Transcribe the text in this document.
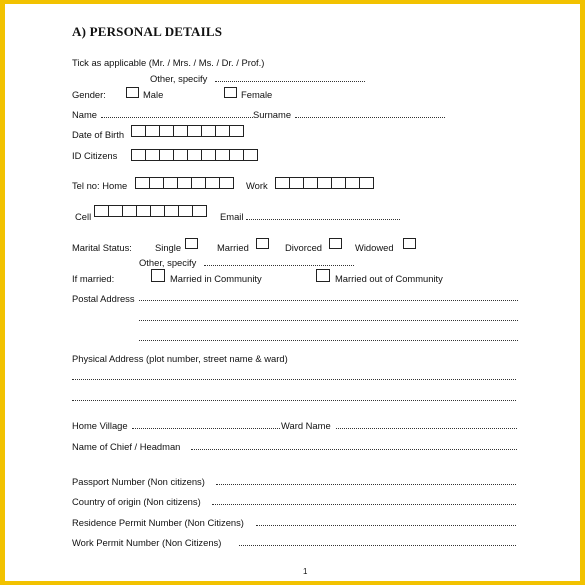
A) PERSONAL DETAILS
Tick as applicable (Mr. / Mrs. / Ms. / Dr. / Prof.)
Other, specify
Gender:	Male	Female
Name	Surname
Date of Birth
ID Citizens
Tel no: Home	Work
Cell	Email
Marital Status: Single	Married	Divorced	Widowed
Other, specify
If married:	Married in Community	Married out of Community
Postal Address
Physical Address (plot number, street name & ward)
Home Village	Ward Name
Name of Chief / Headman
Passport Number (Non citizens)
Country of origin (Non citizens)
Residence Permit Number (Non Citizens)
Work Permit Number (Non Citizens)
1
